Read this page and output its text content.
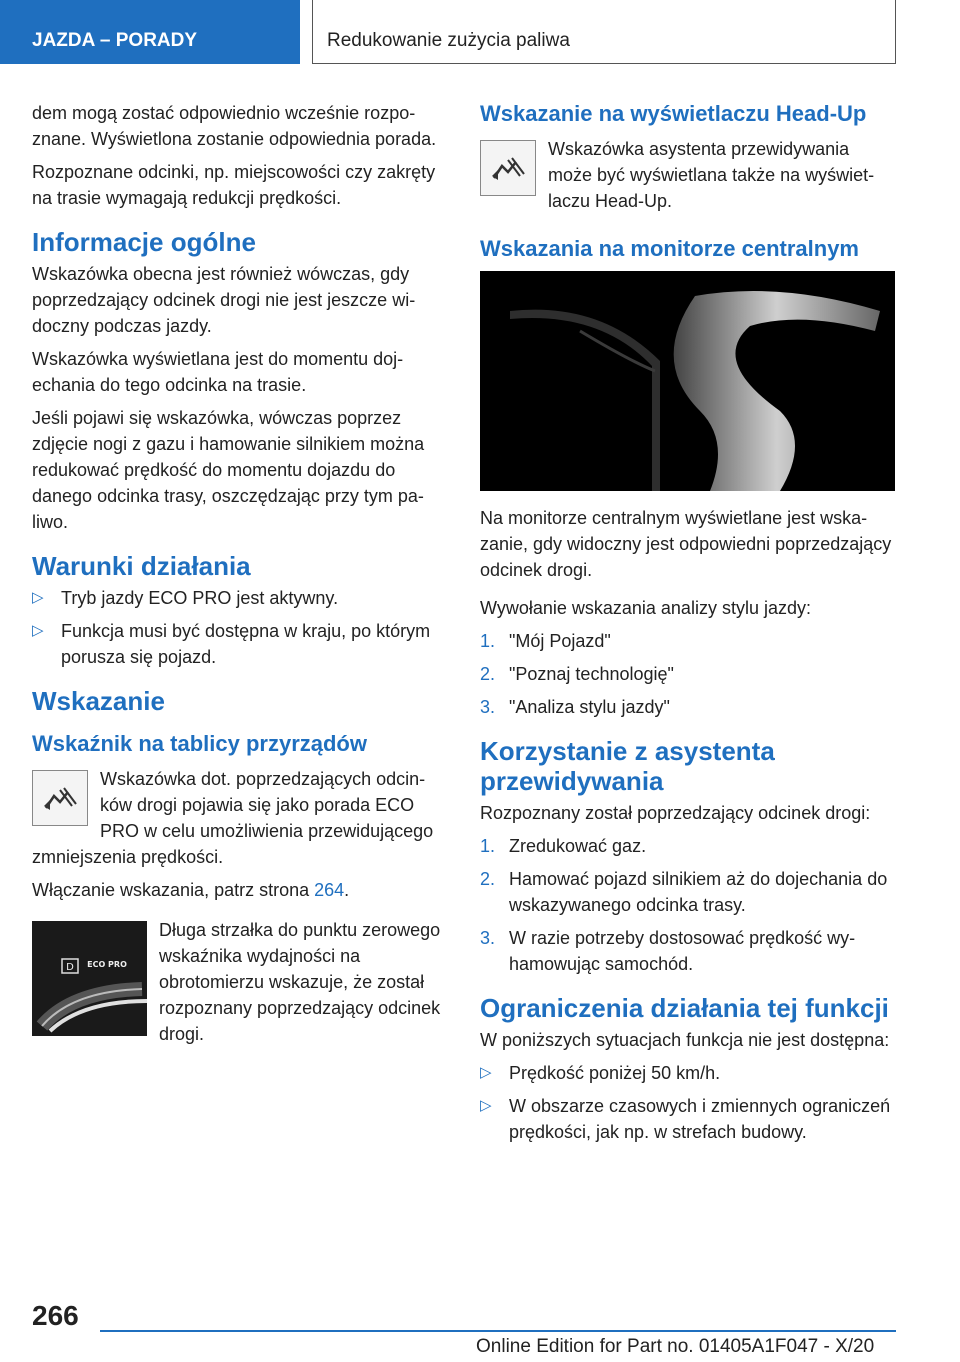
JAZDA – PORADY	Redukowanie zużycia paliwa

dem mogą zostać odpowiednio wcześnie rozpoznane. Wyświetlona zostanie odpowiednia porada.

Rozpoznane odcinki, np. miejscowości czy zakręty na trasie wymagają redukcji prędkości.

Informacje ogólne

Wskazówka obecna jest również wówczas, gdy poprzedzający odcinek drogi nie jest jeszcze widoczny podczas jazdy.

Wskazówka wyświetlana jest do momentu dojechania do tego odcinka na trasie.

Jeśli pojawi się wskazówka, wówczas poprzez zdjęcie nogi z gazu i hamowanie silnikiem można redukować prędkość do momentu dojazdu do danego odcinka trasy, oszczędzając przy tym paliwo.

Warunki działania
▷ Tryb jazdy ECO PRO jest aktywny.
▷ Funkcja musi być dostępna w kraju, po którym porusza się pojazd.
Wskazanie
Wskaźnik na tablicy przyrządów

Wskazówka dot. poprzedzających odcinków drogi pojawia się jako porada ECO PRO w celu umożliwienia przewidującego zmniejszenia prędkości.

Włączanie wskazania, patrz strona 264.

D ECO PRO

Długa strzałka do punktu zerowego wskaźnika wydajności na obrotomierzu wskazuje, że został rozpoznany poprzedzający odcinek drogi.

Wskazanie na wyświetlaczu Head-Up

Wskazówka asystenta przewidywania może być wyświetlana także na wyświetlaczu Head-Up.

Wskazania na monitorze centralnym

Na monitorze centralnym wyświetlane jest wskazanie, gdy widoczny jest odpowiedni poprzedzający odcinek drogi.

Wywołanie wskazania analizy stylu jazdy:

1. "Mój Pojazd"
2. "Poznaj technologię"
3. "Analiza stylu jazdy"
Korzystanie z asystenta przewidywania

Rozpoznany został poprzedzający odcinek drogi:

1. Zredukować gaz.
2. Hamować pojazd silnikiem aż do dojechania do wskazywanego odcinka trasy.
3. W razie potrzeby dostosować prędkość wyhamowując samochód.
Ograniczenia działania tej funkcji

W poniższych sytuacjach funkcja nie jest dostępna:

▷ Prędkość poniżej 50 km/h.
▷ W obszarze czasowych i zmiennych ograniczeń prędkości, jak np. w strefach budowy.
266
Online Edition for Part no. 01405A1F047 - X/20
